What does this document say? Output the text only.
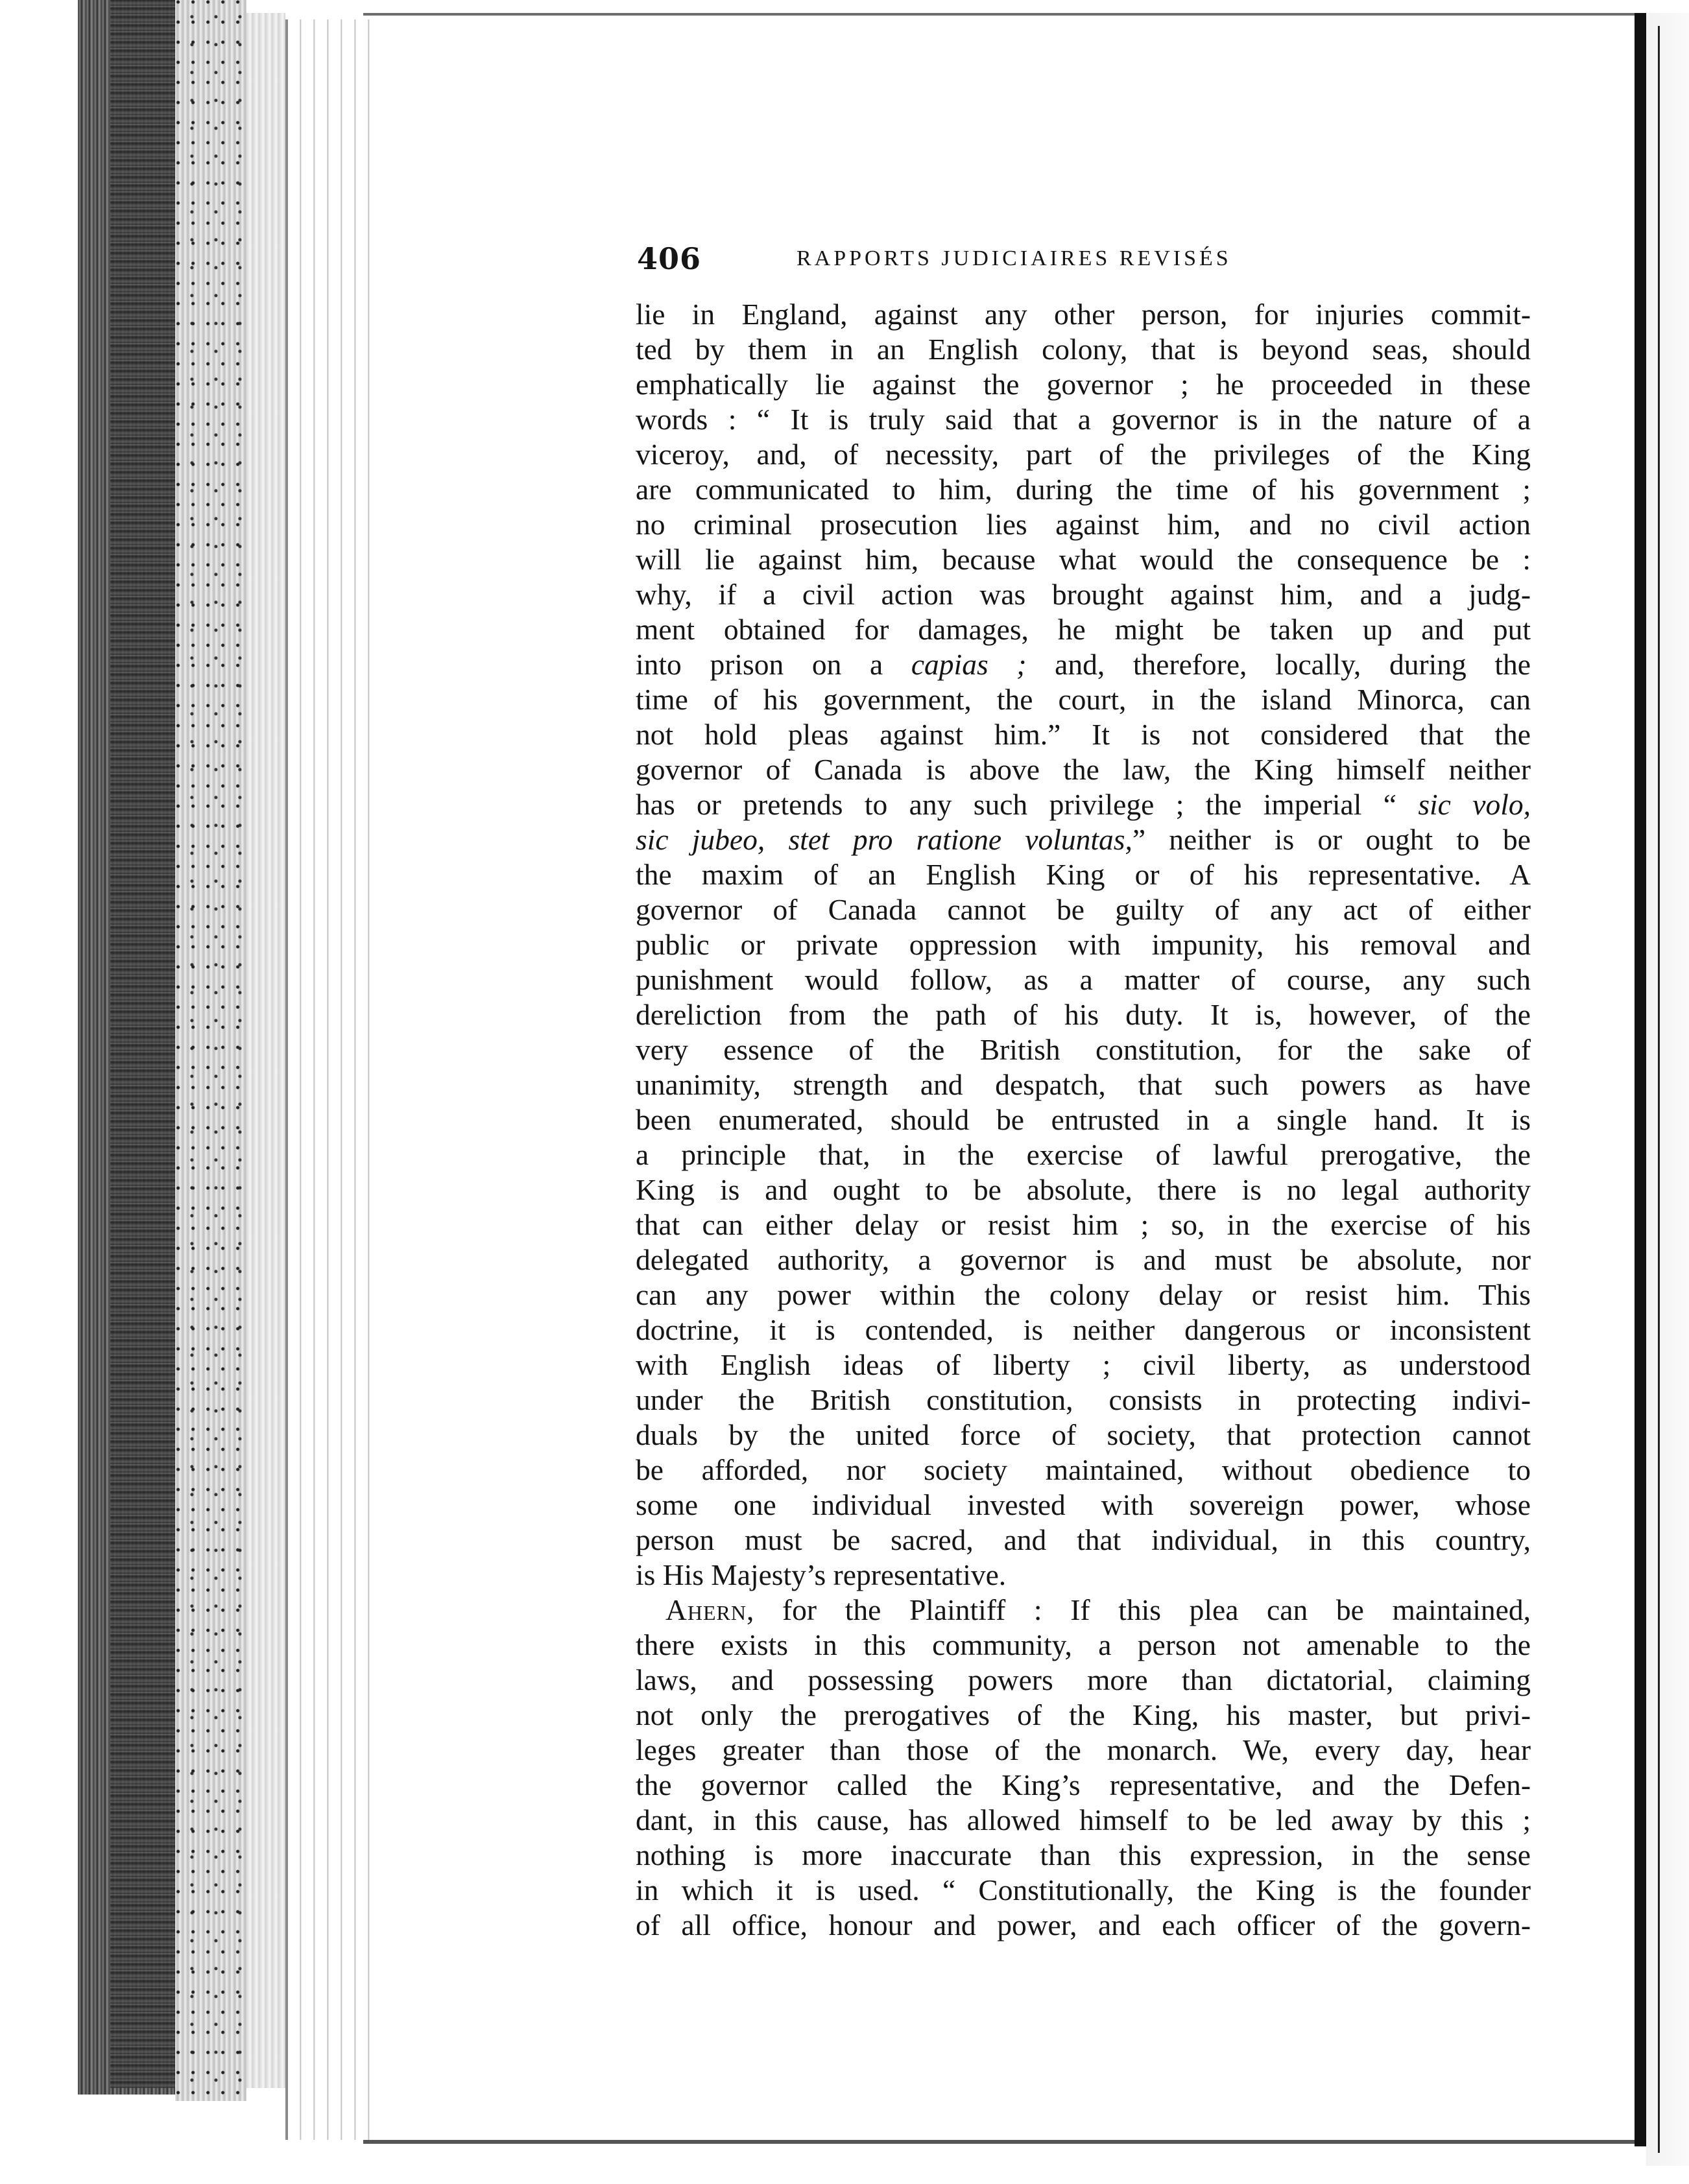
406	RAPPORTS JUDICIAIRES REVISÉS

lie in England, against any other person, for injuries commit-
ted by them in an English colony, that is beyond seas, should
emphatically lie against the governor ; he proceeded in these
words : “ It is truly said that a governor is in the nature of a
viceroy, and, of necessity, part of the privileges of the King
are communicated to him, during the time of his government ;
no criminal prosecution lies against him, and no civil action
will lie against him, because what would the consequence be :
why, if a civil action was brought against him, and a judg-
ment obtained for damages, he might be taken up and put
into prison on a capias ; and, therefore, locally, during the
time of his government, the court, in the island Minorca, can
not hold pleas against him.” It is not considered that the
governor of Canada is above the law, the King himself neither
has or pretends to any such privilege ; the imperial “ sic volo,
sic jubeo, stet pro ratione voluntas,” neither is or ought to be
the maxim of an English King or of his representative. A
governor of Canada cannot be guilty of any act of either
public or private oppression with impunity, his removal and
punishment would follow, as a matter of course, any such
dereliction from the path of his duty. It is, however, of the
very essence of the British constitution, for the sake of
unanimity, strength and despatch, that such powers as have
been enumerated, should be entrusted in a single hand. It is
a principle that, in the exercise of lawful prerogative, the
King is and ought to be absolute, there is no legal authority
that can either delay or resist him ; so, in the exercise of his
delegated authority, a governor is and must be absolute, nor
can any power within the colony delay or resist him. This
doctrine, it is contended, is neither dangerous or inconsistent
with English ideas of liberty ; civil liberty, as understood
under the British constitution, consists in protecting indivi-
duals by the united force of society, that protection cannot
be afforded, nor society maintained, without obedience to
some one individual invested with sovereign power, whose
person must be sacred, and that individual, in this country,
is His Majesty’s representative.

Ahern, for the Plaintiff : If this plea can be maintained,
there exists in this community, a person not amenable to the
laws, and possessing powers more than dictatorial, claiming
not only the prerogatives of the King, his master, but privi-
leges greater than those of the monarch. We, every day, hear
the governor called the King’s representative, and the Defen-
dant, in this cause, has allowed himself to be led away by this ;
nothing is more inaccurate than this expression, in the sense
in which it is used. “ Constitutionally, the King is the founder
of all office, honour and power, and each officer of the govern-
